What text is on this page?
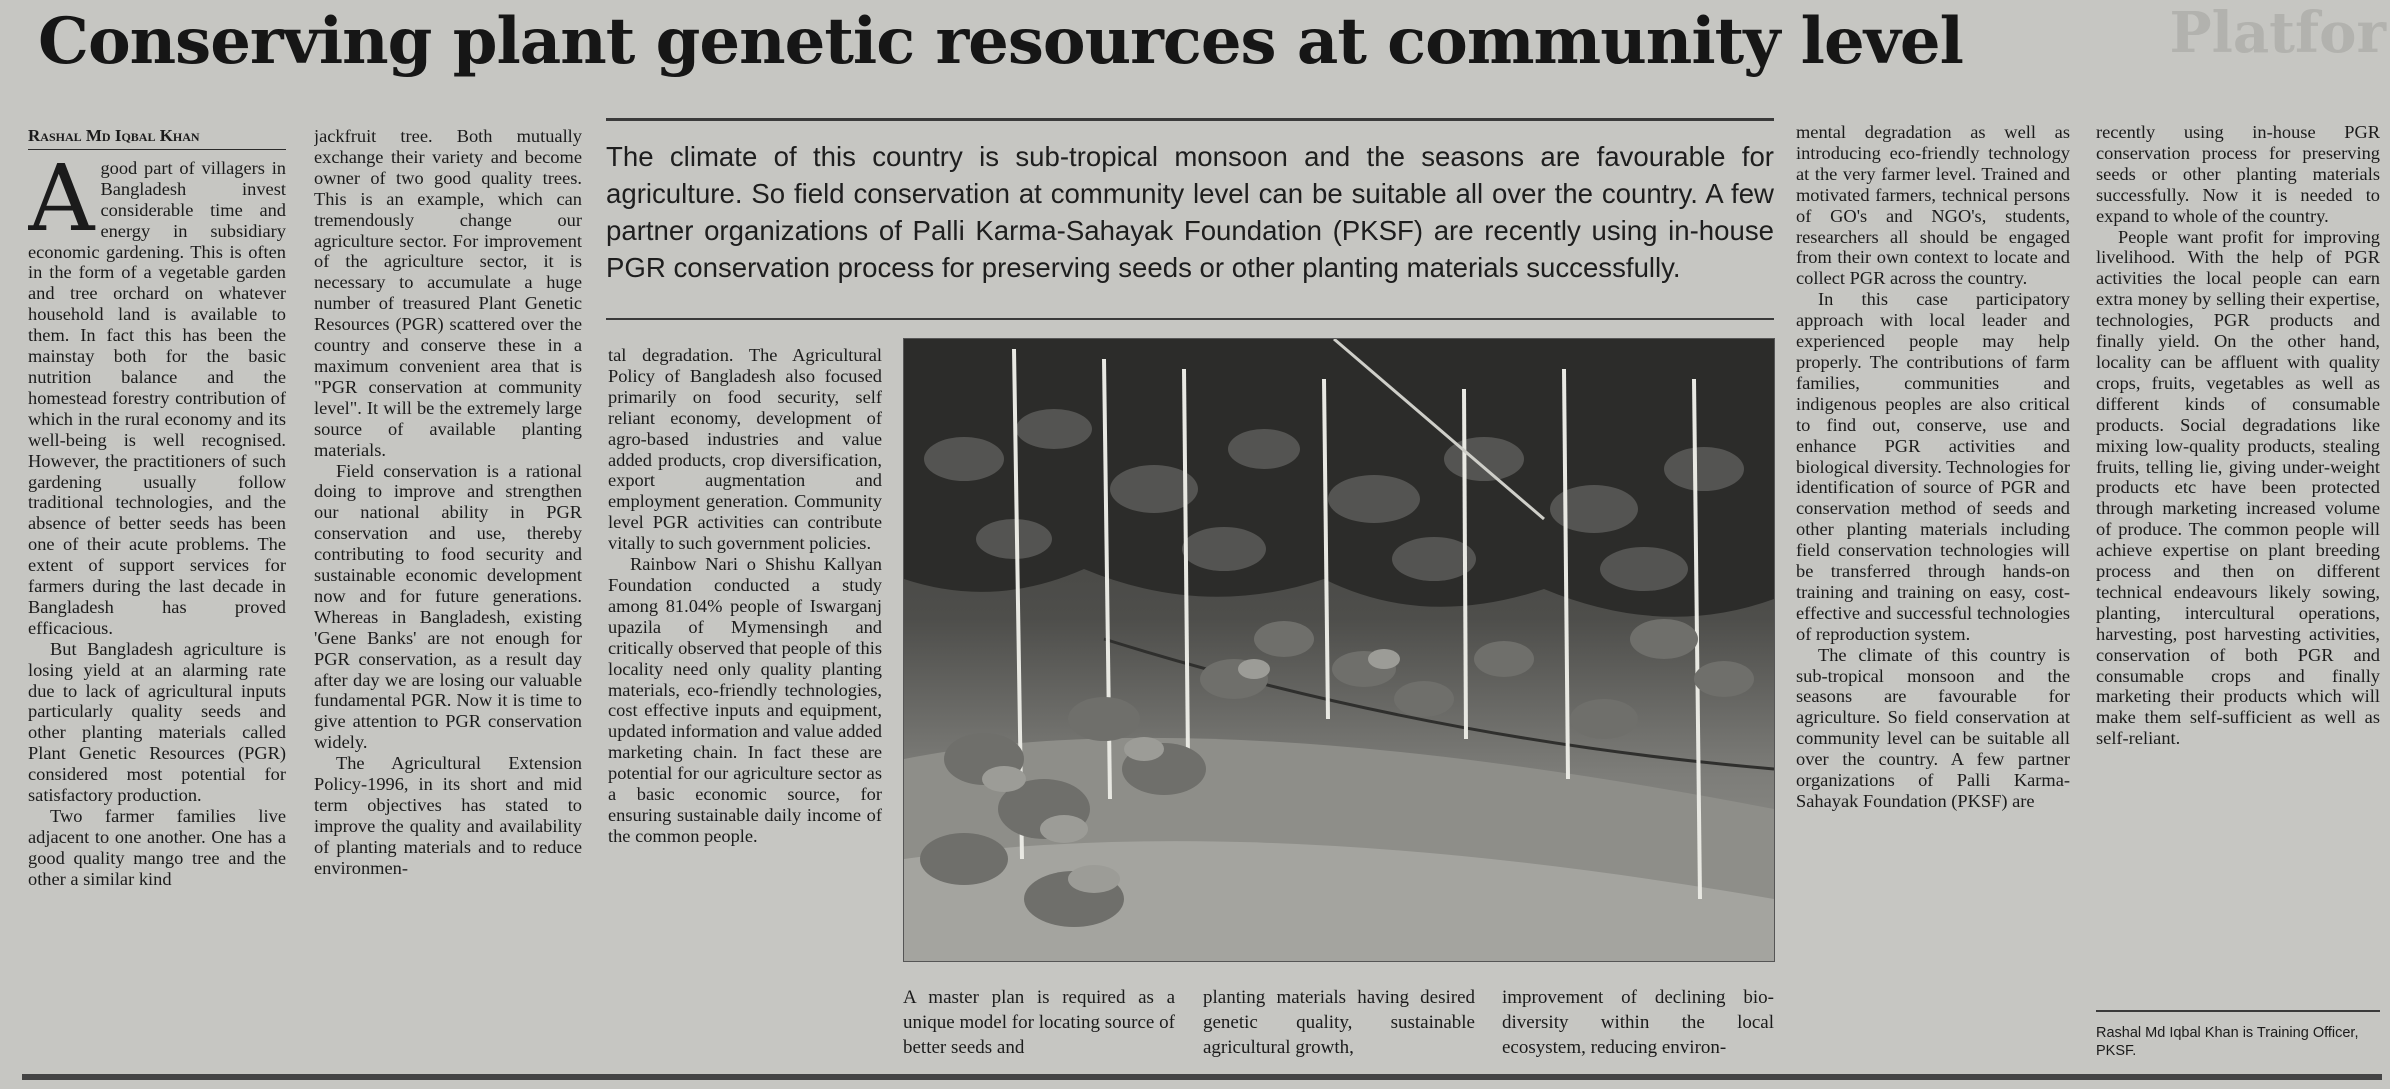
Conserving plant genetic resources at community level	Platfor
Rashal Md Iqbal Khan
A good part of villagers in Bangladesh invest considerable time and energy in subsidiary economic gardening. This is often in the form of a vegetable garden and tree orchard on whatever household land is available to them. In fact this has been the mainstay both for the basic nutrition balance and the homestead forestry contribution of which in the rural economy and its well-being is well recognised. However, the practitioners of such gardening usually follow traditional technologies, and the absence of better seeds has been one of their acute problems. The extent of support services for farmers during the last decade in Bangladesh has proved efficacious.

But Bangladesh agriculture is losing yield at an alarming rate due to lack of agricultural inputs particularly quality seeds and other planting materials called Plant Genetic Resources (PGR) considered most potential for satisfactory production.

Two farmer families live adjacent to one another. One has a good quality mango tree and the other a similar kind

jackfruit tree. Both mutually exchange their variety and become owner of two good quality trees. This is an example, which can tremendously change our agriculture sector. For improvement of the agriculture sector, it is necessary to accumulate a huge number of treasured Plant Genetic Resources (PGR) scattered over the country and conserve these in a maximum convenient area that is "PGR conservation at community level". It will be the extremely large source of available planting materials.

Field conservation is a rational doing to improve and strengthen our national ability in PGR conservation and use, thereby contributing to food security and sustainable economic development now and for future generations. Whereas in Bangladesh, existing 'Gene Banks' are not enough for PGR conservation, as a result day after day we are losing our valuable fundamental PGR. Now it is time to give attention to PGR conservation widely.

The Agricultural Extension Policy-1996, in its short and mid term objectives has stated to improve the quality and availability of planting materials and to reduce environmen-

The climate of this country is sub-tropical monsoon and the seasons are favourable for agriculture. So field conservation at community level can be suitable all over the country. A few partner organizations of Palli Karma-Sahayak Foundation (PKSF) are recently using in-house PGR conservation process for preserving seeds or other planting materials successfully.

tal degradation. The Agricultural Policy of Bangladesh also focused primarily on food security, self reliant economy, development of agro-based industries and value added products, crop diversification, export augmentation and employment generation. Community level PGR activities can contribute vitally to such government policies.

Rainbow Nari o Shishu Kallyan Foundation conducted a study among 81.04% people of Iswarganj upazila of Mymensingh and critically observed that people of this locality need only quality planting materials, eco-friendly technologies, cost effective inputs and equipment, updated information and value added marketing chain. In fact these are potential for our agriculture sector as a basic economic source, for ensuring sustainable daily income of the common people.

A master plan is required as a unique model for locating source of better seeds and
planting materials having desired genetic quality, sustainable agricultural growth,
improvement of declining bio-diversity within the local ecosystem, reducing environ-

mental degradation as well as introducing eco-friendly technology at the very farmer level. Trained and motivated farmers, technical persons of GO's and NGO's, students, researchers all should be engaged from their own context to locate and collect PGR across the country.

In this case participatory approach with local leader and experienced people may help properly. The contributions of farm families, communities and indigenous peoples are also critical to find out, conserve, use and enhance PGR activities and biological diversity. Technologies for identification of source of PGR and conservation method of seeds and other planting materials including field conservation technologies will be transferred through hands-on training and training on easy, cost-effective and successful technologies of reproduction system.

The climate of this country is sub-tropical monsoon and the seasons are favourable for agriculture. So field conservation at community level can be suitable all over the country. A few partner organizations of Palli Karma-Sahayak Foundation (PKSF) are

recently using in-house PGR conservation process for preserving seeds or other planting materials successfully. Now it is needed to expand to whole of the country.

People want profit for improving livelihood. With the help of PGR activities the local people can earn extra money by selling their expertise, technologies, PGR products and finally yield. On the other hand, locality can be affluent with quality crops, fruits, vegetables as well as different kinds of consumable products. Social degradations like mixing low-quality products, stealing fruits, telling lie, giving under-weight products etc have been protected through marketing increased volume of produce. The common people will achieve expertise on plant breeding process and then on different technical endeavours likely sowing, planting, intercultural operations, harvesting, post harvesting activities, conservation of both PGR and consumable crops and finally marketing their products which will make them self-sufficient as well as self-reliant.

Rashal Md Iqbal Khan is Training Officer, PKSF.
